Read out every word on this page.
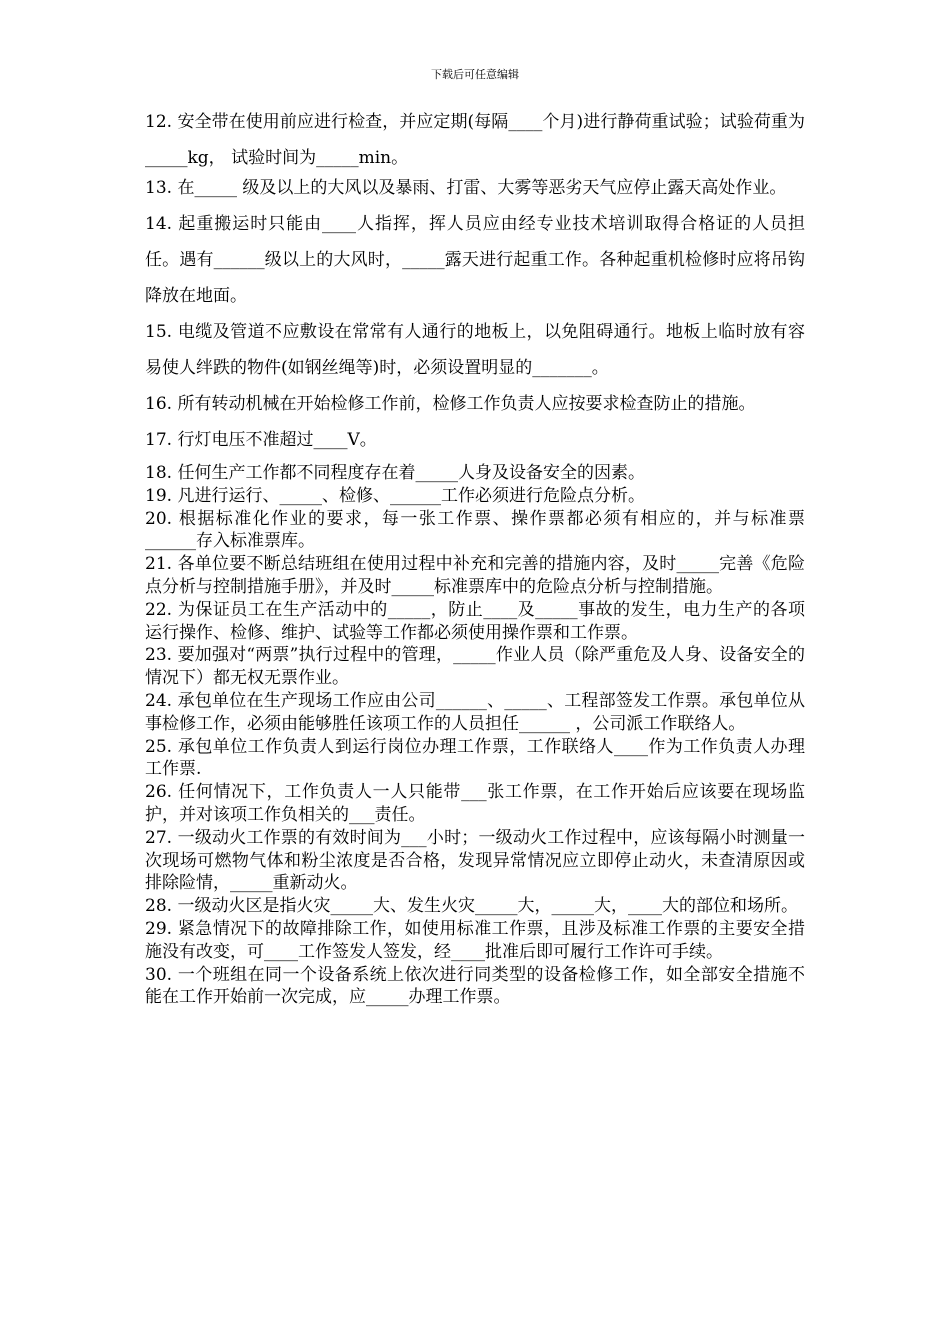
下载后可任意编辑
12. 安全带在使用前应进行检查，并应定期(每隔____个月)进行静荷重试验；试验荷重为_____kg， 试验时间为_____min。
13. 在_____ 级及以上的大风以及暴雨、打雷、大雾等恶劣天气应停止露天高处作业。
14. 起重搬运时只能由____人指挥，挥人员应由经专业技术培训取得合格证的人员担任。遇有______级以上的大风时，_____露天进行起重工作。各种起重机检修时应将吊钩降放在地面。
15. 电缆及管道不应敷设在常常有人通行的地板上，以免阻碍通行。地板上临时放有容易使人绊跌的物件(如钢丝绳等)时，必须设置明显的_______。
16. 所有转动机械在开始检修工作前，检修工作负责人应按要求检查防止的措施。
17. 行灯电压不准超过____V。
18. 任何生产工作都不同程度存在着_____人身及设备安全的因素。
19. 凡进行运行、_____、检修、______工作必须进行危险点分析。
20. 根据标准化作业的要求，每一张工作票、操作票都必须有相应的，并与标准票______存入标准票库。
21. 各单位要不断总结班组在使用过程中补充和完善的措施内容，及时_____完善《危险点分析与控制措施手册》，并及时_____标准票库中的危险点分析与控制措施。
22. 为保证员工在生产活动中的_____，防止____及_____事故的发生，电力生产的各项运行操作、检修、维护、试验等工作都必须使用操作票和工作票。
23. 要加强对“两票”执行过程中的管理，_____作业人员（除严重危及人身、设备安全的情况下）都无权无票作业。
24. 承包单位在生产现场工作应由公司______、_____、工程部签发工作票。承包单位从事检修工作，必须由能够胜任该项工作的人员担任______ ，公司派工作联络人。
25. 承包单位工作负责人到运行岗位办理工作票，工作联络人____作为工作负责人办理工作票.
26. 任何情况下，工作负责人一人只能带___张工作票，在工作开始后应该要在现场监护，并对该项工作负相关的___责任。
27. 一级动火工作票的有效时间为___小时；一级动火工作过程中，应该每隔小时测量一次现场可燃物气体和粉尘浓度是否合格，发现异常情况应立即停止动火，未查清原因或排除险情，_____重新动火。
28. 一级动火区是指火灾_____大、发生火灾_____大，_____大，____大的部位和场所。
29. 紧急情况下的故障排除工作，如使用标准工作票，且涉及标准工作票的主要安全措施没有改变，可____工作签发人签发，经____批准后即可履行工作许可手续。
30. 一个班组在同一个设备系统上依次进行同类型的设备检修工作，如全部安全措施不能在工作开始前一次完成，应_____办理工作票。
